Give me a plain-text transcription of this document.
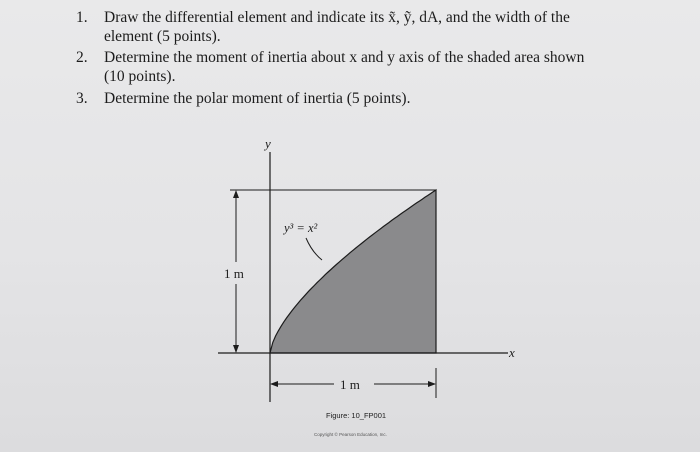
1. Draw the differential element and indicate its x̃, ỹ, dA, and the width of the
element (5 points).
2. Determine the moment of inertia about x and y axis of the shaded area shown
(10 points).
3. Determine the polar moment of inertia (5 points).
y
x
y³ = x²
1 m
1 m
Figure: 10_FP001
Copyright © Pearson Education, Inc.
